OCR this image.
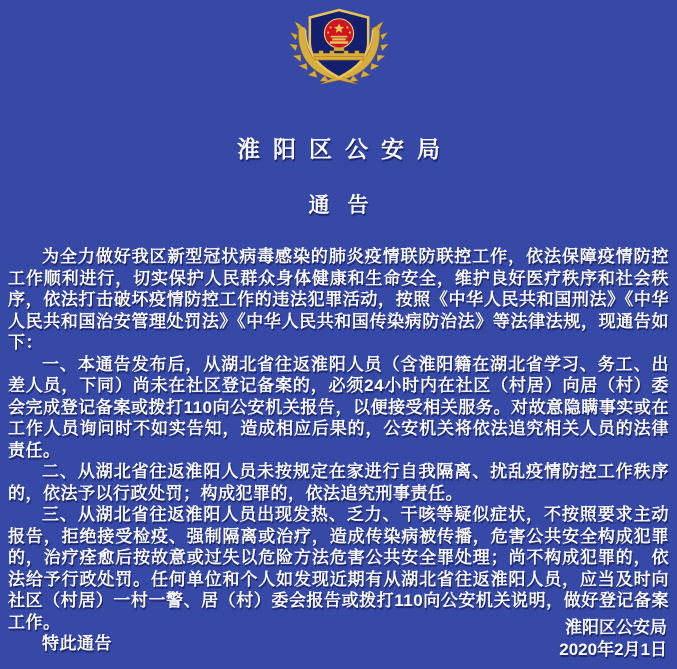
淮阳区公安局
通告

为全力做好我区新型冠状病毒感染的肺炎疫情联防联控工作，依法保障疫情防控工作顺利进行，切实保护人民群众身体健康和生命安全，维护良好医疗秩序和社会秩序，依法打击破坏疫情防控工作的违法犯罪活动，按照《中华人民共和国刑法》《中华人民共和国治安管理处罚法》《中华人民共和国传染病防治法》等法律法规，现通告如下：

一、本通告发布后，从湖北省往返淮阳人员（含淮阳籍在湖北省学习、务工、出差人员，下同）尚未在社区登记备案的，必须24小时内在社区（村居）向居（村）委会完成登记备案或拨打110向公安机关报告，以便接受相关服务。对故意隐瞒事实或在工作人员询问时不如实告知，造成相应后果的，公安机关将依法追究相关人员的法律责任。

二、从湖北省往返淮阳人员未按规定在家进行自我隔离、扰乱疫情防控工作秩序的，依法予以行政处罚；构成犯罪的，依法追究刑事责任。

三、从湖北省往返淮阳人员出现发热、乏力、干咳等疑似症状，不按照要求主动报告，拒绝接受检疫、强制隔离或治疗，造成传染病被传播，危害公共安全构成犯罪的，治疗痊愈后按故意或过失以危险方法危害公共安全罪处理；尚不构成犯罪的，依法给予行政处罚。任何单位和个人如发现近期有从湖北省往返淮阳人员，应当及时向社区（村居）一村一警、居（村）委会报告或拨打110向公安机关说明，做好登记备案工作。

特此通告

淮阳区公安局
2020年2月1日
